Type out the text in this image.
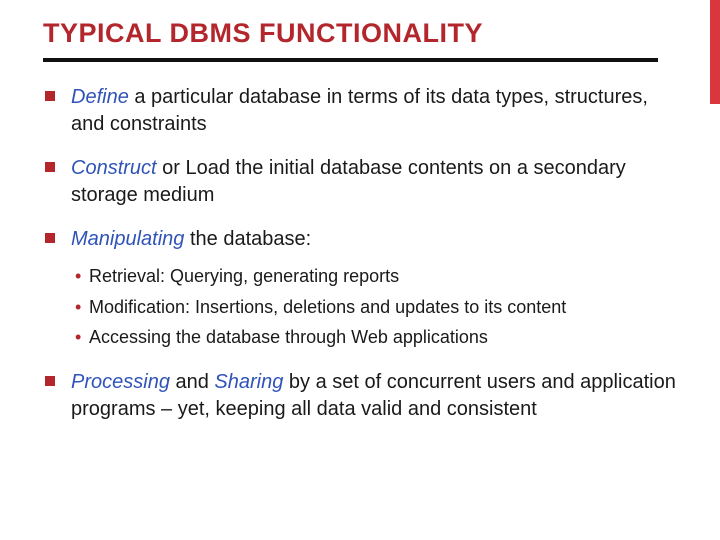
TYPICAL DBMS FUNCTIONALITY
Define a particular database in terms of its data types, structures, and constraints
Construct or Load the initial database contents on a secondary storage medium
Manipulating the database:
• Retrieval: Querying, generating reports
• Modification: Insertions, deletions and updates to its content
• Accessing the database through Web applications
Processing and Sharing by a set of concurrent users and application programs – yet, keeping all data valid and consistent
